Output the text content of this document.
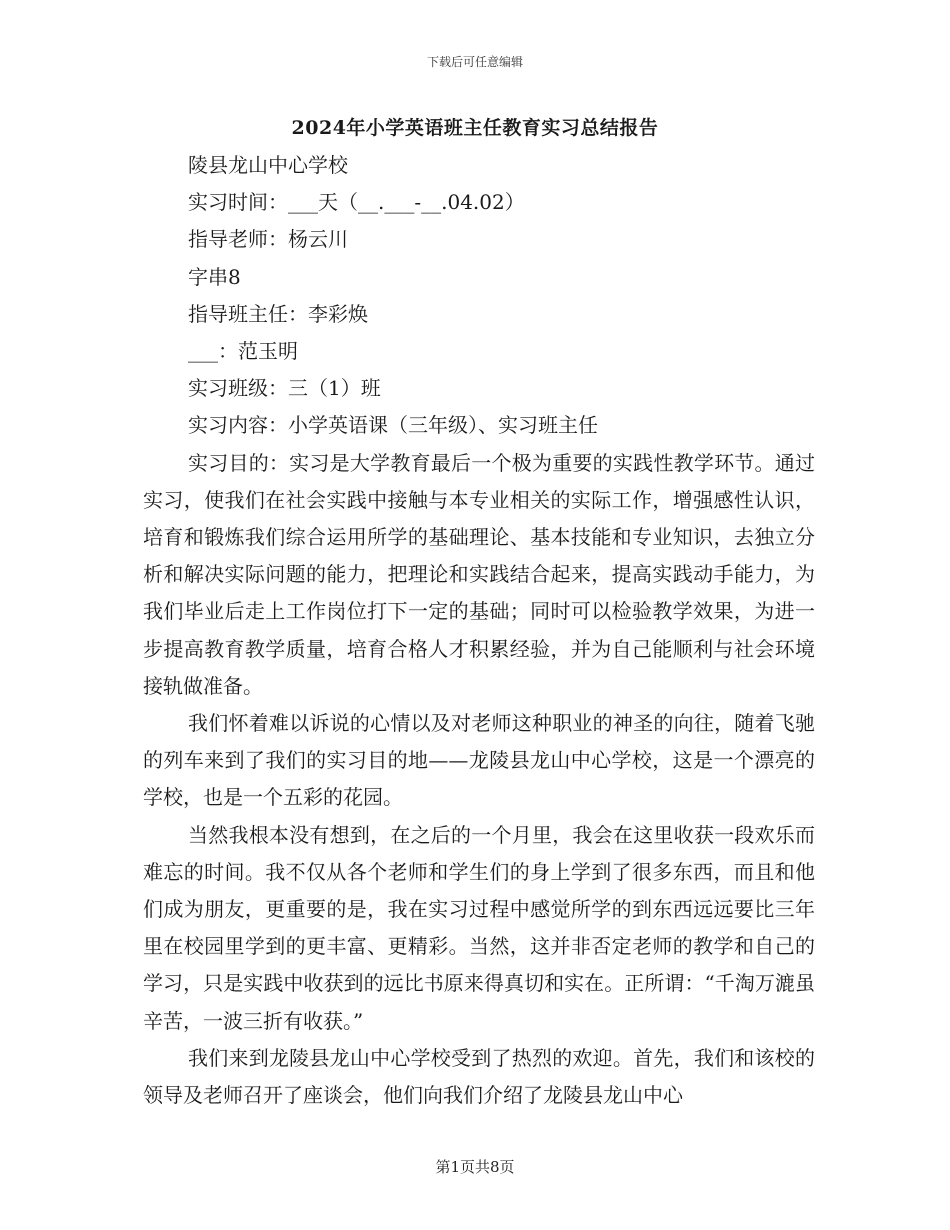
下载后可任意编辑
2024年小学英语班主任教育实习总结报告
陵县龙山中心学校
实习时间：___天（__.___-__.04.02）
指导老师：杨云川
字串8
指导班主任：李彩焕
___：范玉明
实习班级：三（1）班
实习内容：小学英语课（三年级）、实习班主任

实习目的：实习是大学教育最后一个极为重要的实践性教学环节。通过实习，使我们在社会实践中接触与本专业相关的实际工作，增强感性认识，培育和锻炼我们综合运用所学的基础理论、基本技能和专业知识，去独立分析和解决实际问题的能力，把理论和实践结合起来，提高实践动手能力，为我们毕业后走上工作岗位打下一定的基础；同时可以检验教学效果，为进一步提高教育教学质量，培育合格人才积累经验，并为自己能顺利与社会环境接轨做准备。

我们怀着难以诉说的心情以及对老师这种职业的神圣的向往，随着飞驰的列车来到了我们的实习目的地——龙陵县龙山中心学校，这是一个漂亮的学校，也是一个五彩的花园。

当然我根本没有想到，在之后的一个月里，我会在这里收获一段欢乐而难忘的时间。我不仅从各个老师和学生们的身上学到了很多东西，而且和他们成为朋友，更重要的是，我在实习过程中感觉所学的到东西远远要比三年里在校园里学到的更丰富、更精彩。当然，这并非否定老师的教学和自己的学习，只是实践中收获到的远比书原来得真切和实在。正所谓：“千淘万漉虽辛苦，一波三折有收获。”

我们来到龙陵县龙山中心学校受到了热烈的欢迎。首先，我们和该校的领导及老师召开了座谈会，他们向我们介绍了龙陵县龙山中心

第1页共8页
